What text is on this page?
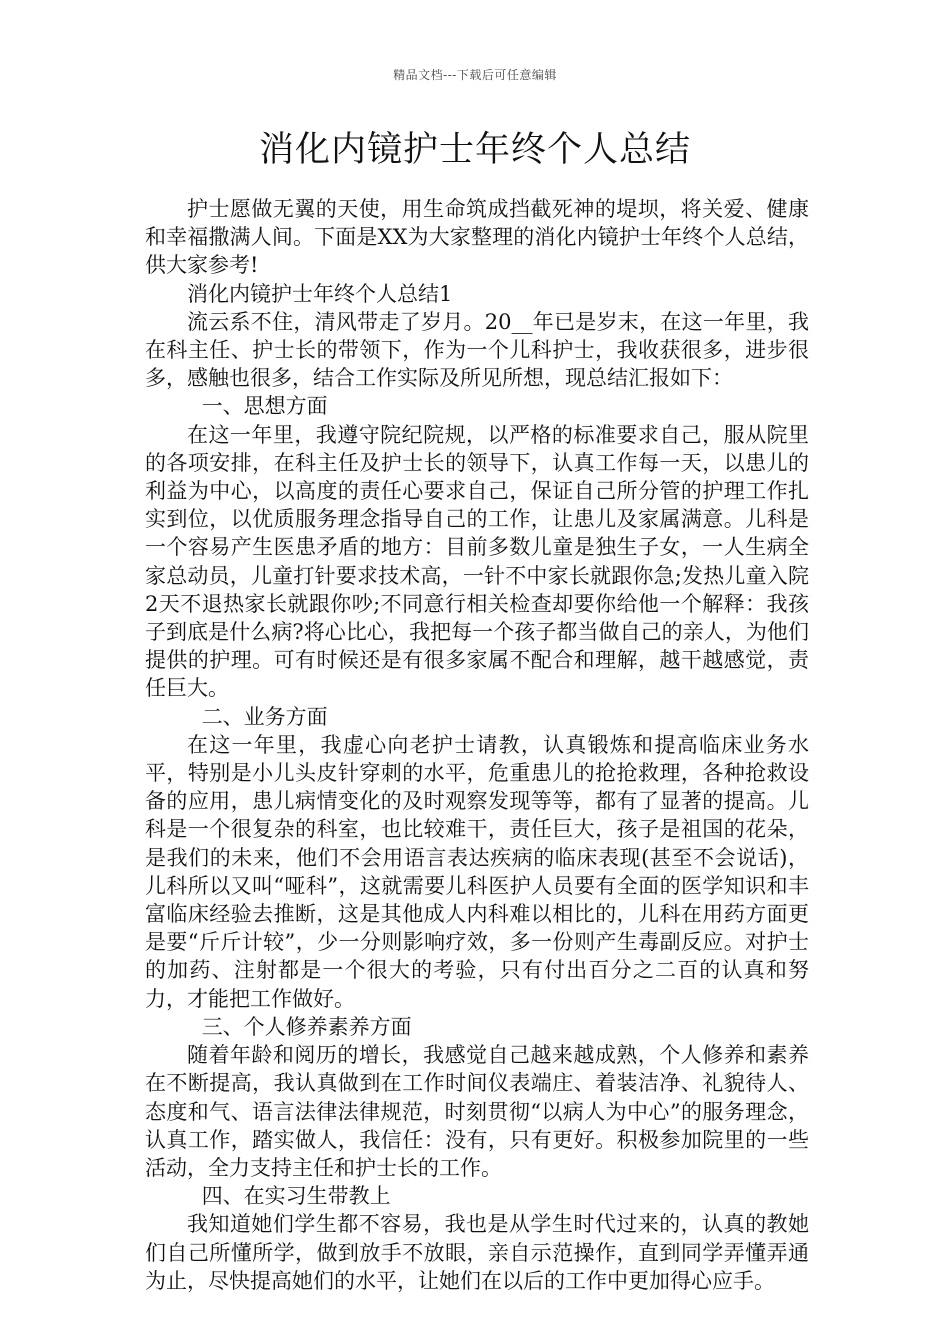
精品文档---下载后可任意编辑
消化内镜护士年终个人总结

护士愿做无翼的天使，用生命筑成挡截死神的堤坝，将关爱、健康和幸福撒满人间。下面是XX为大家整理的消化内镜护士年终个人总结，供大家参考!

消化内镜护士年终个人总结1

流云系不住，清风带走了岁月。20__年已是岁末，在这一年里，我在科主任、护士长的带领下，作为一个儿科护士，我收获很多，进步很多，感触也很多，结合工作实际及所见所想，现总结汇报如下：

一、思想方面

在这一年里，我遵守院纪院规，以严格的标准要求自己，服从院里的各项安排，在科主任及护士长的领导下，认真工作每一天，以患儿的利益为中心，以高度的责任心要求自己，保证自己所分管的护理工作扎实到位，以优质服务理念指导自己的工作，让患儿及家属满意。儿科是一个容易产生医患矛盾的地方：目前多数儿童是独生子女，一人生病全家总动员，儿童打针要求技术高，一针不中家长就跟你急;发热儿童入院2天不退热家长就跟你吵;不同意行相关检查却要你给他一个解释：我孩子到底是什么病?将心比心，我把每一个孩子都当做自己的亲人，为他们提供的护理。可有时候还是有很多家属不配合和理解，越干越感觉，责任巨大。

二、业务方面

在这一年里，我虚心向老护士请教，认真锻炼和提高临床业务水平，特别是小儿头皮针穿刺的水平，危重患儿的抢抢救理，各种抢救设备的应用，患儿病情变化的及时观察发现等等，都有了显著的提高。儿科是一个很复杂的科室，也比较难干，责任巨大，孩子是祖国的花朵，是我们的未来，他们不会用语言表达疾病的临床表现(甚至不会说话)，儿科所以又叫“哑科”，这就需要儿科医护人员要有全面的医学知识和丰富临床经验去推断，这是其他成人内科难以相比的，儿科在用药方面更是要“斤斤计较”，少一分则影响疗效，多一份则产生毒副反应。对护士的加药、注射都是一个很大的考验，只有付出百分之二百的认真和努力，才能把工作做好。

三、个人修养素养方面

随着年龄和阅历的增长，我感觉自己越来越成熟，个人修养和素养在不断提高，我认真做到在工作时间仪表端庄、着装洁净、礼貌待人、态度和气、语言法律法律规范，时刻贯彻“以病人为中心”的服务理念，认真工作，踏实做人，我信任：没有，只有更好。积极参加院里的一些活动，全力支持主任和护士长的工作。

四、在实习生带教上

我知道她们学生都不容易，我也是从学生时代过来的，认真的教她们自己所懂所学，做到放手不放眼，亲自示范操作，直到同学弄懂弄通为止，尽快提高她们的水平，让她们在以后的工作中更加得心应手。
